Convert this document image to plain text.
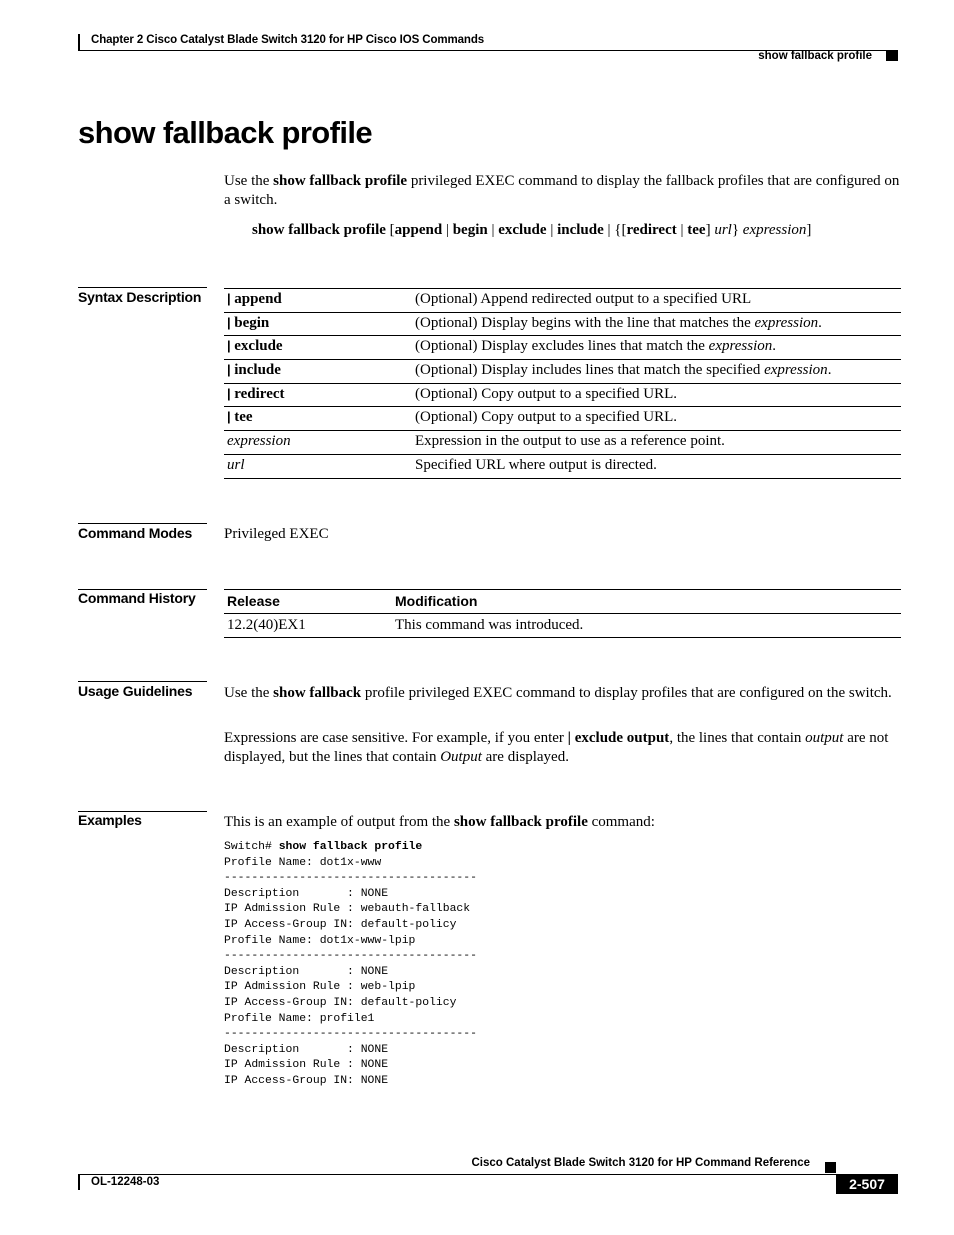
Chapter 2 Cisco Catalyst Blade Switch 3120 for HP Cisco IOS Commands
show fallback profile
show fallback profile
Use the show fallback profile privileged EXEC command to display the fallback profiles that are configured on a switch.
show fallback profile [append | begin | exclude | include | {[redirect | tee] url} expression]
Syntax Description | append	(Optional) Append redirected output to a specified URL
| begin	(Optional) Display begins with the line that matches the expression.
| exclude	(Optional) Display excludes lines that match the expression.
| include	(Optional) Display includes lines that match the specified expression.
| redirect	(Optional) Copy output to a specified URL.
| tee	(Optional) Copy output to a specified URL.
expression	Expression in the output to use as a reference point.
url	Specified URL where output is directed.
Command Modes Privileged EXEC
Command History Release	Modification
12.2(40)EX1	This command was introduced.
Usage Guidelines Use the show fallback profile privileged EXEC command to display profiles that are configured on the switch.
Expressions are case sensitive. For example, if you enter | exclude output, the lines that contain output are not displayed, but the lines that contain Output are displayed.
Examples	This is an example of output from the show fallback profile command:
Switch# show fallback profile
Profile Name: dot1x-www
-------------------------------------
Description       : NONE
IP Admission Rule : webauth-fallback
IP Access-Group IN: default-policy
Profile Name: dot1x-www-lpip
-------------------------------------
Description       : NONE
IP Admission Rule : web-lpip
IP Access-Group IN: default-policy
Profile Name: profile1
-------------------------------------
Description       : NONE
IP Admission Rule : NONE
IP Access-Group IN: NONE
Cisco Catalyst Blade Switch 3120 for HP Command Reference
OL-12248-03	2-507
